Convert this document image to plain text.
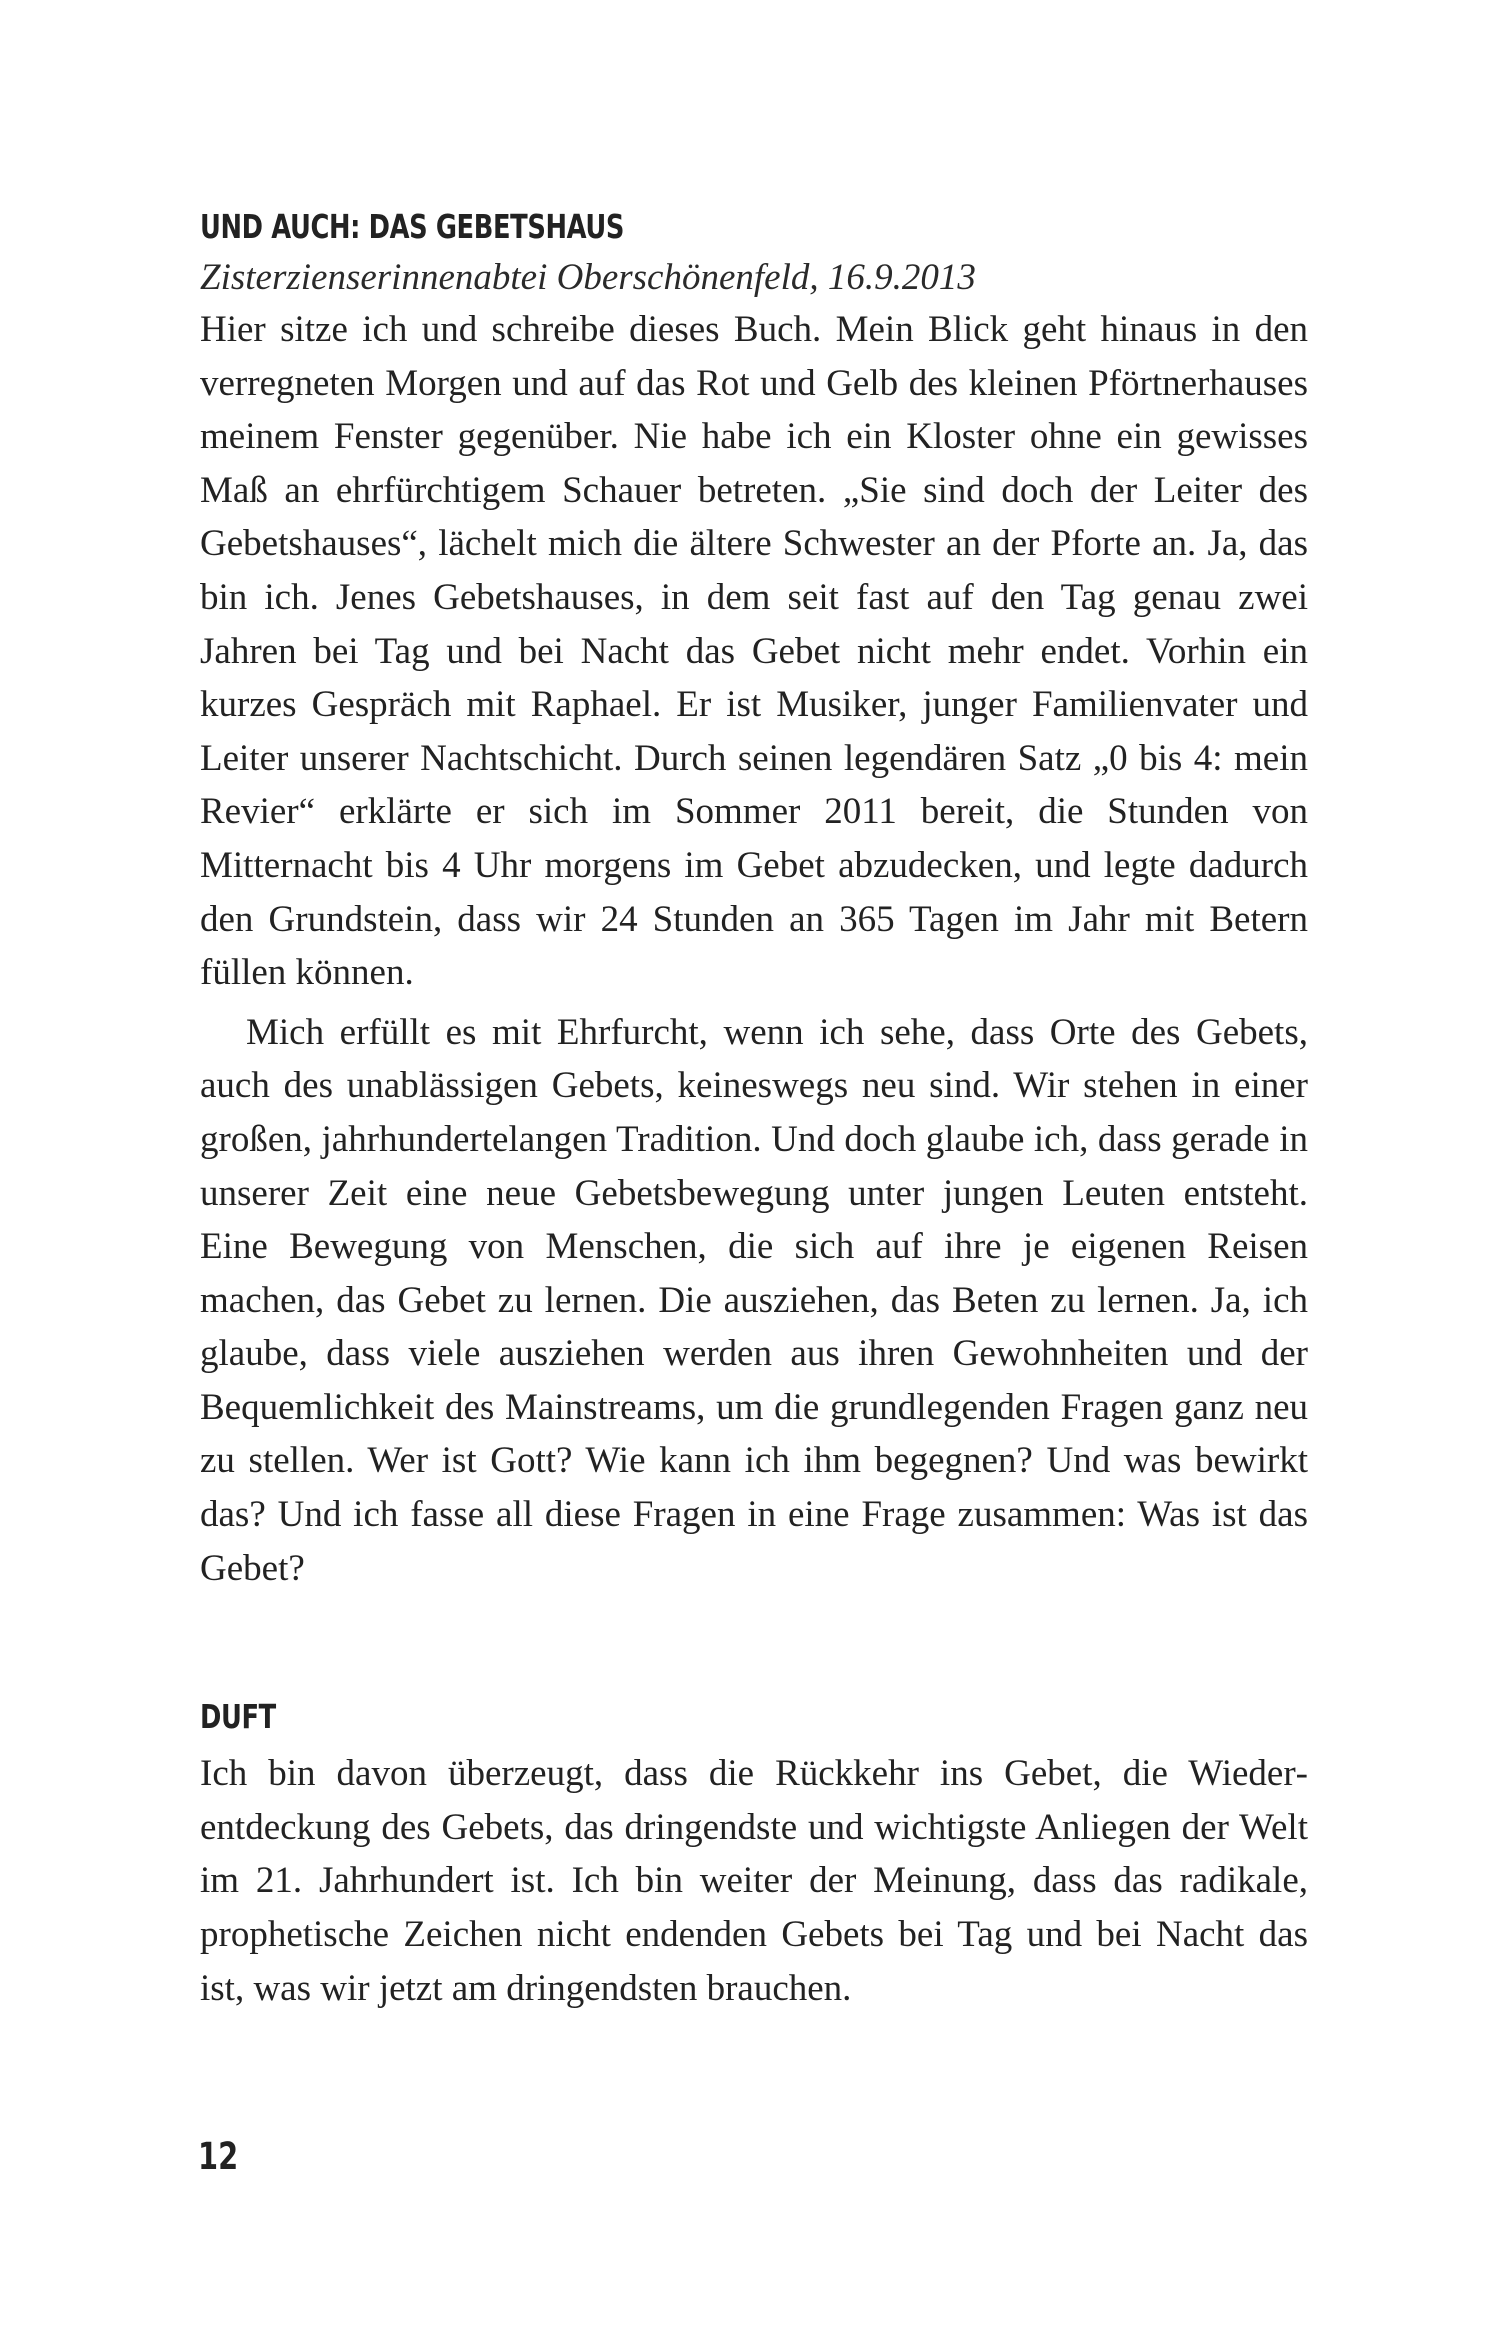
UND AUCH: DAS GEBETSHAUS

Zisterzienserinnenabtei Oberschönenfeld, 16.9.2013

Hier sitze ich und schreibe dieses Buch. Mein Blick geht hinaus in den verregneten Morgen und auf das Rot und Gelb des kleinen Pförtnerhauses meinem Fenster gegenüber. Nie habe ich ein Kloster ohne ein gewisses Maß an ehrfürchtigem Schauer betreten. „Sie sind doch der Leiter des Gebetshauses“, lächelt mich die ältere Schwester an der Pforte an. Ja, das bin ich. Jenes Gebetshauses, in dem seit fast auf den Tag genau zwei Jahren bei Tag und bei Nacht das Gebet nicht mehr endet. Vorhin ein kurzes Gespräch mit Raphael. Er ist Musiker, junger Familienvater und Leiter unserer Nachtschicht. Durch seinen legendären Satz „0 bis 4: mein Revier“ erklärte er sich im Sommer 2011 bereit, die Stunden von Mitternacht bis 4 Uhr morgens im Gebet abzudecken, und legte dadurch den Grundstein, dass wir 24 Stunden an 365 Tagen im Jahr mit Betern füllen können.

Mich erfüllt es mit Ehrfurcht, wenn ich sehe, dass Orte des Gebets, auch des unablässigen Gebets, keineswegs neu sind. Wir stehen in einer großen, jahrhundertelangen Tradition. Und doch glaube ich, dass gerade in unserer Zeit eine neue Gebetsbewegung unter jungen Leuten entsteht. Eine Bewegung von Menschen, die sich auf ihre je eigenen Reisen machen, das Gebet zu lernen. Die ausziehen, das Beten zu lernen. Ja, ich glaube, dass viele ausziehen werden aus ihren Gewohnheiten und der Bequemlichkeit des Mainstreams, um die grundlegenden Fragen ganz neu zu stellen. Wer ist Gott? Wie kann ich ihm begegnen? Und was bewirkt das? Und ich fasse all diese Fragen in eine Frage zusammen: Was ist das Gebet?

DUFT

Ich bin davon überzeugt, dass die Rückkehr ins Gebet, die Wiederentdeckung des Gebets, das dringendste und wichtigste Anliegen der Welt im 21. Jahrhundert ist. Ich bin weiter der Meinung, dass das radikale, prophetische Zeichen nicht endenden Gebets bei Tag und bei Nacht das ist, was wir jetzt am dringendsten brauchen.

12
